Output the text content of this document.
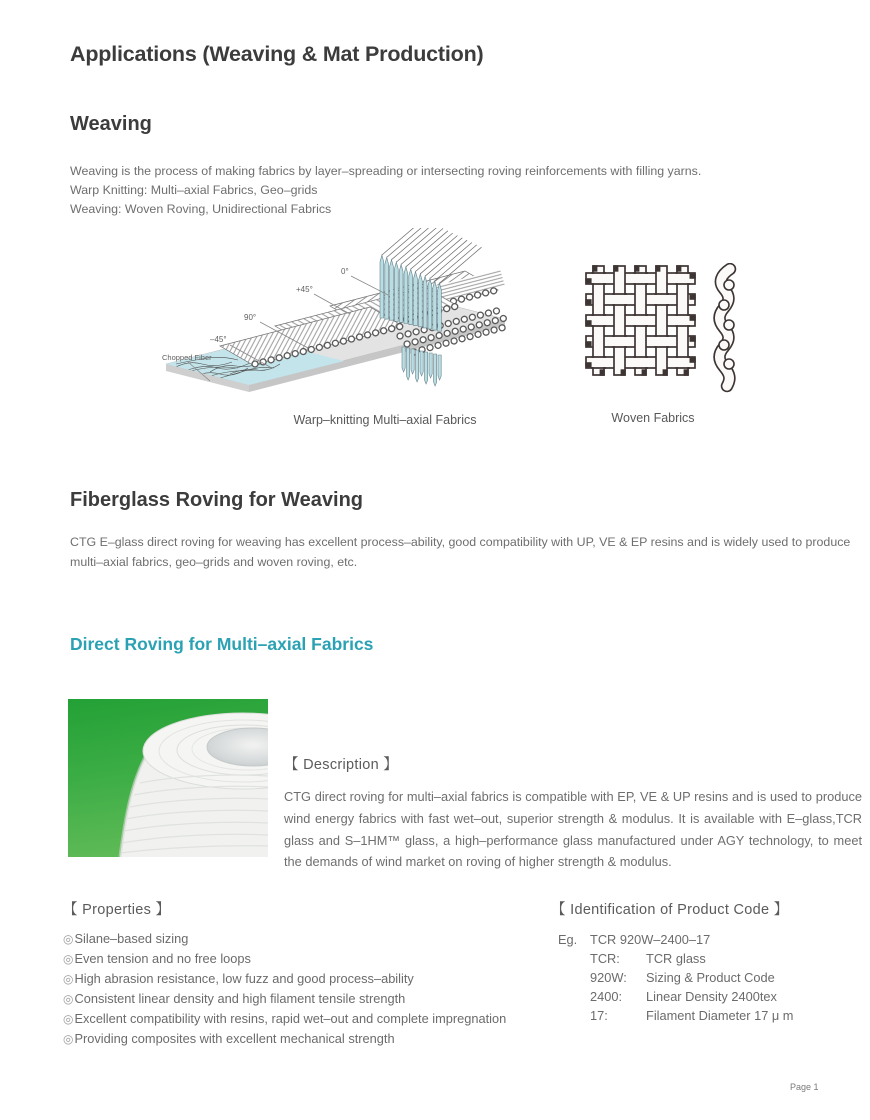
Applications (Weaving & Mat Production)
Weaving
Weaving is the process of making fabrics by layer–spreading or intersecting roving reinforcements with filling yarns.
Warp Knitting: Multi–axial Fabrics, Geo–grids
Weaving: Woven Roving, Unidirectional Fabrics
0°
+45°
90°
–45°
Chopped Fiber
Warp–knitting Multi–axial Fabrics	Woven Fabrics
Fiberglass Roving for Weaving

CTG E–glass direct roving for weaving has excellent process–ability, good compatibility with UP, VE & EP resins and is widely used to produce multi–axial fabrics, geo–grids and woven roving, etc.

Direct Roving for Multi–axial Fabrics
【 Description 】

CTG direct roving for multi–axial fabrics is compatible with EP, VE & UP resins and is used to produce wind energy fabrics with fast wet–out, superior strength & modulus. It is available with E–glass,TCR glass and S–1HM™ glass, a high–performance glass manufactured under AGY technology, to meet the demands of wind market on roving of higher strength & modulus.

【 Properties 】
◎Silane–based sizing
◎Even tension and no free loops
◎High abrasion resistance, low fuzz and good process–ability
◎Consistent linear density and high filament tensile strength
◎Excellent compatibility with resins, rapid wet–out and complete impregnation
◎Providing composites with excellent mechanical strength
【 Identification of Product Code 】
Eg. TCR 920W–2400–17
TCR:	TCR glass
920W:	Sizing & Product Code
2400:	Linear Density 2400tex
17:	Filament Diameter 17 μ m
Page 1
